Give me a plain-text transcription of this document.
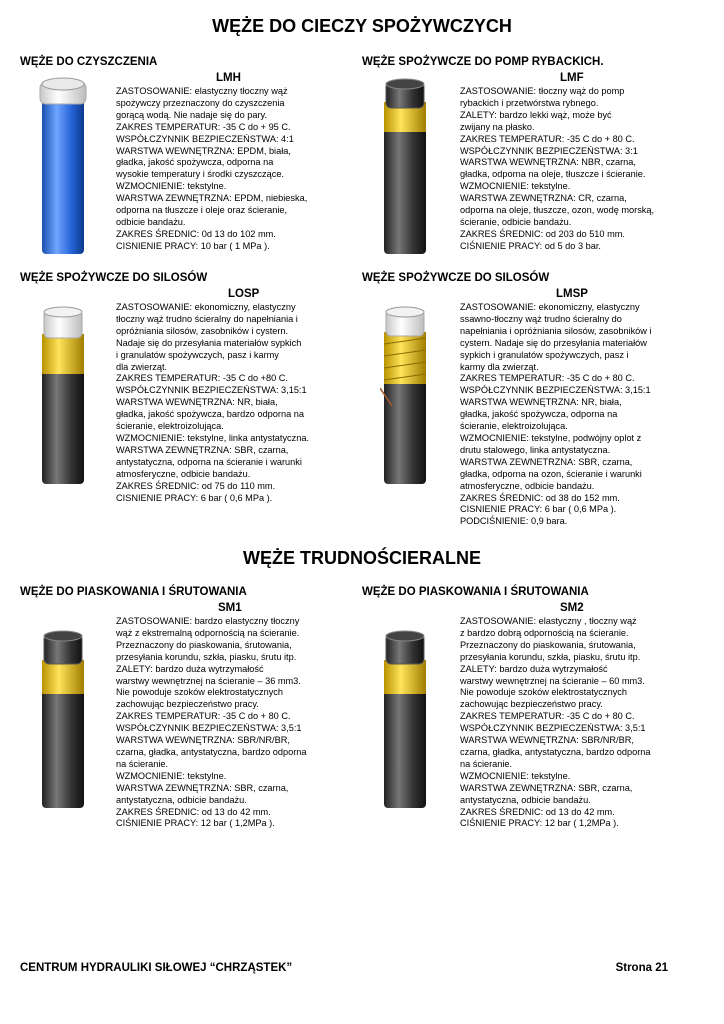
WĘŻE DO CIECZY SPOŻYWCZYCH
WĘŻE DO CZYSZCZENIA
LMH
ZASTOSOWANIE: elastyczny tłoczny wąż
spożywczy przeznaczony do czyszczenia
gorącą wodą. Nie nadaje się do pary.
ZAKRES TEMPERATUR: -35 C do + 95 C.
WSPÓŁCZYNNIK BEZPIECZEŃSTWA: 4:1
WARSTWA WEWNĘTRZNA: EPDM, biała,
gładka, jakość spożywcza, odporna na
wysokie temperatury i środki czyszczące.
WZMOCNIENIE: tekstylne.
WARSTWA ZEWNĘTRZNA: EPDM, niebieska,
odporna na tłuszcze i oleje oraz ścieranie,
odbicie bandażu.
ZAKRES ŚREDNIC: 0d 13 do 102 mm.
CISNIENIE PRACY: 10 bar ( 1 MPa ).
WĘŻE SPOŻYWCZE DO POMP RYBACKICH.
LMF
ZASTOSOWANIE: tłoczny wąż do pomp
rybackich i przetwórstwa rybnego.
ZALETY: bardzo lekki wąż, może być
zwijany na płasko.
ZAKRES TEMPERATUR: -35 C do + 80 C.
WSPÓŁCZYNNIK BEZPIECZEŃSTWA: 3:1
WARSTWA WEWNĘTRZNA: NBR, czarna,
gładka, odporna na oleje, tłuszcze i ścieranie.
WZMOCNIENIE: tekstylne.
WARSTWA ZEWNĘTRZNA: CR, czarna,
odporna na oleje, tłuszcze, ozon, wodę morską,
ścieranie, odbicie bandażu.
ZAKRES ŚREDNIC: od 203 do 510 mm.
CIŚNIENIE PRACY: od 5 do 3 bar.
WĘŻE SPOŻYWCZE DO SILOSÓW
LOSP
ZASTOSOWANIE: ekonomiczny, elastyczny
tłoczny wąż trudno ścieralny do napełniania i
opróżniania silosów, zasobników i cystern.
Nadaje się do przesyłania materiałów sypkich
i granulatów spożywczych, pasz i karmy
dla zwierząt.
ZAKRES TEMPERATUR: -35 C do +80 C.
WSPÓŁCZYNNIK BEZPIECZEŃSTWA: 3,15:1
WARSTWA WEWNĘTRZNA: NR, biała,
gładka, jakość spożywcza, bardzo odporna na
ścieranie, elektroizolująca.
WZMOCNIENIE: tekstylne, linka antystatyczna.
WARSTWA ZEWNĘTRZNA: SBR, czarna,
antystatyczna, odporna na ścieranie i warunki
atmosferyczne, odbicie bandażu.
ZAKRES ŚREDNIC: od 75 do 110 mm.
CISNIENIE PRACY: 6 bar ( 0,6 MPa ).
WĘŻE SPOŻYWCZE DO SILOSÓW
LMSP
ZASTOSOWANIE: ekonomiczny, elastyczny
ssawno-tłoczny wąż trudno ścieralny do
napełniania i opróżniania silosów, zasobników i
cystern. Nadaje się do przesyłania materiałów
sypkich i granulatów spożywczych, pasz i
karmy dla zwierząt.
ZAKRES TEMPERATUR: -35 C do + 80 C.
WSPÓŁCZYNNIK BEZPIECZEŃSTWA: 3,15:1
WARSTWA WEWNĘTRZNA: NR, biała,
gładka, jakość spożywcza, odporna na
ścieranie, elektroizolująca.
WZMOCNIENIE: tekstylne, podwójny oplot z
drutu stalowego, linka antystatyczna.
WARSTWA ZEWNETRZNA: SBR, czarna,
gładka, odporna na ozon, ścieranie i warunki
atmosferyczne, odbicie bandażu.
ZAKRES ŚREDNIC: od 38 do 152 mm.
CISNIENIE PRACY: 6 bar ( 0,6 MPa ).
PODCIŚNIENIE: 0,9 bara.
WĘŻE TRUDNOŚCIERALNE
WĘŻE DO PIASKOWANIA I ŚRUTOWANIA
SM1
ZASTOSOWANIE: bardzo elastyczny tłoczny
wąż z ekstremalną odpornością na ścieranie.
Przeznaczony do piaskowania, śrutowania,
przesyłania korundu, szkła, piasku, śrutu itp.
ZALETY: bardzo duża wytrzymałość
warstwy wewnętrznej na ścieranie – 36 mm3.
Nie powoduje szoków elektrostatycznych
zachowując bezpieczeństwo pracy.
ZAKRES TEMPERATUR: -35 C do + 80 C.
WSPÓŁCZYNNIK BEZPIECZEŃSTWA: 3,5:1
WARSTWA WEWNĘTRZNA: SBR/NR/BR,
czarna, gładka, antystatyczna, bardzo odporna
na ścieranie.
WZMOCNIENIE: tekstylne.
WARSTWA ZEWNĘTRZNA: SBR, czarna,
antystatyczna, odbicie bandażu.
ZAKRES ŚREDNIC: od 13 do 42 mm.
CIŚNIENIE PRACY: 12 bar ( 1,2MPa ).
WĘŻE DO PIASKOWANIA I ŚRUTOWANIA
SM2
ZASTOSOWANIE: elastyczny , tłoczny wąż
z bardzo dobrą odpornością na ścieranie.
Przeznaczony do piaskowania, śrutowania,
przesyłania korundu, szkła, piasku, śrutu itp.
ZALETY: bardzo duża wytrzymałość
warstwy wewnętrznej na ścieranie – 60 mm3.
Nie powoduje szoków elektrostatycznych
zachowując bezpieczeństwo pracy.
ZAKRES TEMPERATUR: -35 C do + 80 C.
WSPÓŁCZYNNIK BEZPIECZEŃSTWA: 3,5:1
WARSTWA WEWNĘTRZNA: SBR/NR/BR,
czarna, gładka, antystatyczna, bardzo odporna
na ścieranie.
WZMOCNIENIE: tekstylne.
WARSTWA ZEWNĘTRZNA: SBR, czarna,
antystatyczna, odbicie bandażu.
ZAKRES ŚREDNIC: od 13 do 42 mm.
CIŚNIENIE PRACY: 12 bar ( 1,2MPa ).
CENTRUM HYDRAULIKI SIŁOWEJ “CHRZĄSTEK”	Strona 21
